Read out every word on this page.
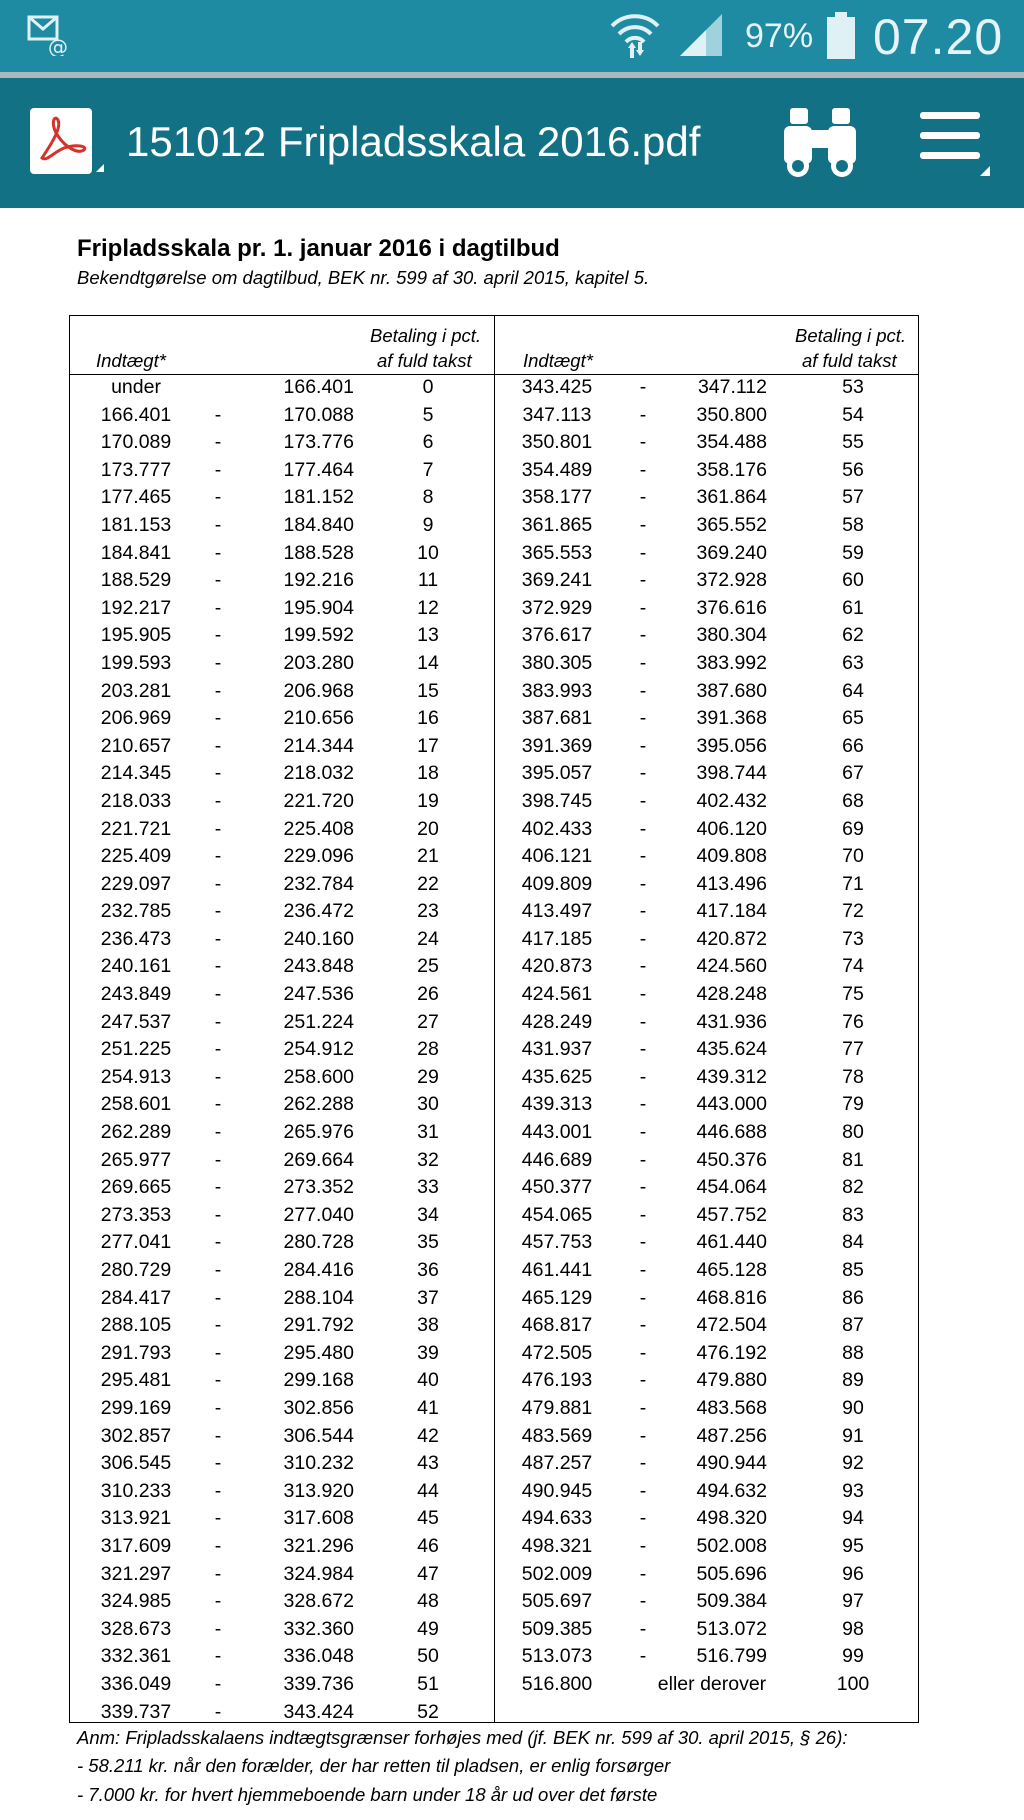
@	97% 07.20
151012 Fripladsskala 2016.pdf
Fripladsskala pr. 1. januar 2016 i dagtilbud
Bekendtgørelse om dagtilbud, BEK nr. 599 af 30. april 2015, kapitel 5.
Indtægt*
Betaling i pct.
af fuld takst	Indtægt*
Betaling i pct.
af fuld takst
under	166.401	0
166.401	-	170.088	5
170.089	-	173.776	6
173.777	-	177.464	7
177.465	-	181.152	8
181.153	-	184.840	9
184.841	-	188.528	10
188.529	-	192.216	11
192.217	-	195.904	12
195.905	-	199.592	13
199.593	-	203.280	14
203.281	-	206.968	15
206.969	-	210.656	16
210.657	-	214.344	17
214.345	-	218.032	18
218.033	-	221.720	19
221.721	-	225.408	20
225.409	-	229.096	21
229.097	-	232.784	22
232.785	-	236.472	23
236.473	-	240.160	24
240.161	-	243.848	25
243.849	-	247.536	26
247.537	-	251.224	27
251.225	-	254.912	28
254.913	-	258.600	29
258.601	-	262.288	30
262.289	-	265.976	31
265.977	-	269.664	32
269.665	-	273.352	33
273.353	-	277.040	34
277.041	-	280.728	35
280.729	-	284.416	36
284.417	-	288.104	37
288.105	-	291.792	38
291.793	-	295.480	39
295.481	-	299.168	40
299.169	-	302.856	41
302.857	-	306.544	42
306.545	-	310.232	43
310.233	-	313.920	44
313.921	-	317.608	45
317.609	-	321.296	46
321.297	-	324.984	47
324.985	-	328.672	48
328.673	-	332.360	49
332.361	-	336.048	50
336.049	-	339.736	51
339.737	-	343.424	52
343.425	-	347.112	53
347.113	-	350.800	54
350.801	-	354.488	55
354.489	-	358.176	56
358.177	-	361.864	57
361.865	-	365.552	58
365.553	-	369.240	59
369.241	-	372.928	60
372.929	-	376.616	61
376.617	-	380.304	62
380.305	-	383.992	63
383.993	-	387.680	64
387.681	-	391.368	65
391.369	-	395.056	66
395.057	-	398.744	67
398.745	-	402.432	68
402.433	-	406.120	69
406.121	-	409.808	70
409.809	-	413.496	71
413.497	-	417.184	72
417.185	-	420.872	73
420.873	-	424.560	74
424.561	-	428.248	75
428.249	-	431.936	76
431.937	-	435.624	77
435.625	-	439.312	78
439.313	-	443.000	79
443.001	-	446.688	80
446.689	-	450.376	81
450.377	-	454.064	82
454.065	-	457.752	83
457.753	-	461.440	84
461.441	-	465.128	85
465.129	-	468.816	86
468.817	-	472.504	87
472.505	-	476.192	88
476.193	-	479.880	89
479.881	-	483.568	90
483.569	-	487.256	91
487.257	-	490.944	92
490.945	-	494.632	93
494.633	-	498.320	94
498.321	-	502.008	95
502.009	-	505.696	96
505.697	-	509.384	97
509.385	-	513.072	98
513.073	-	516.799	99
516.800	eller derover	100
Anm: Fripladsskalaens indtægtsgrænser forhøjes med (jf. BEK nr. 599 af 30. april 2015, § 26):
- 58.211 kr. når den forælder, der har retten til pladsen, er enlig forsørger
- 7.000 kr. for hvert hjemmeboende barn under 18 år ud over det første
